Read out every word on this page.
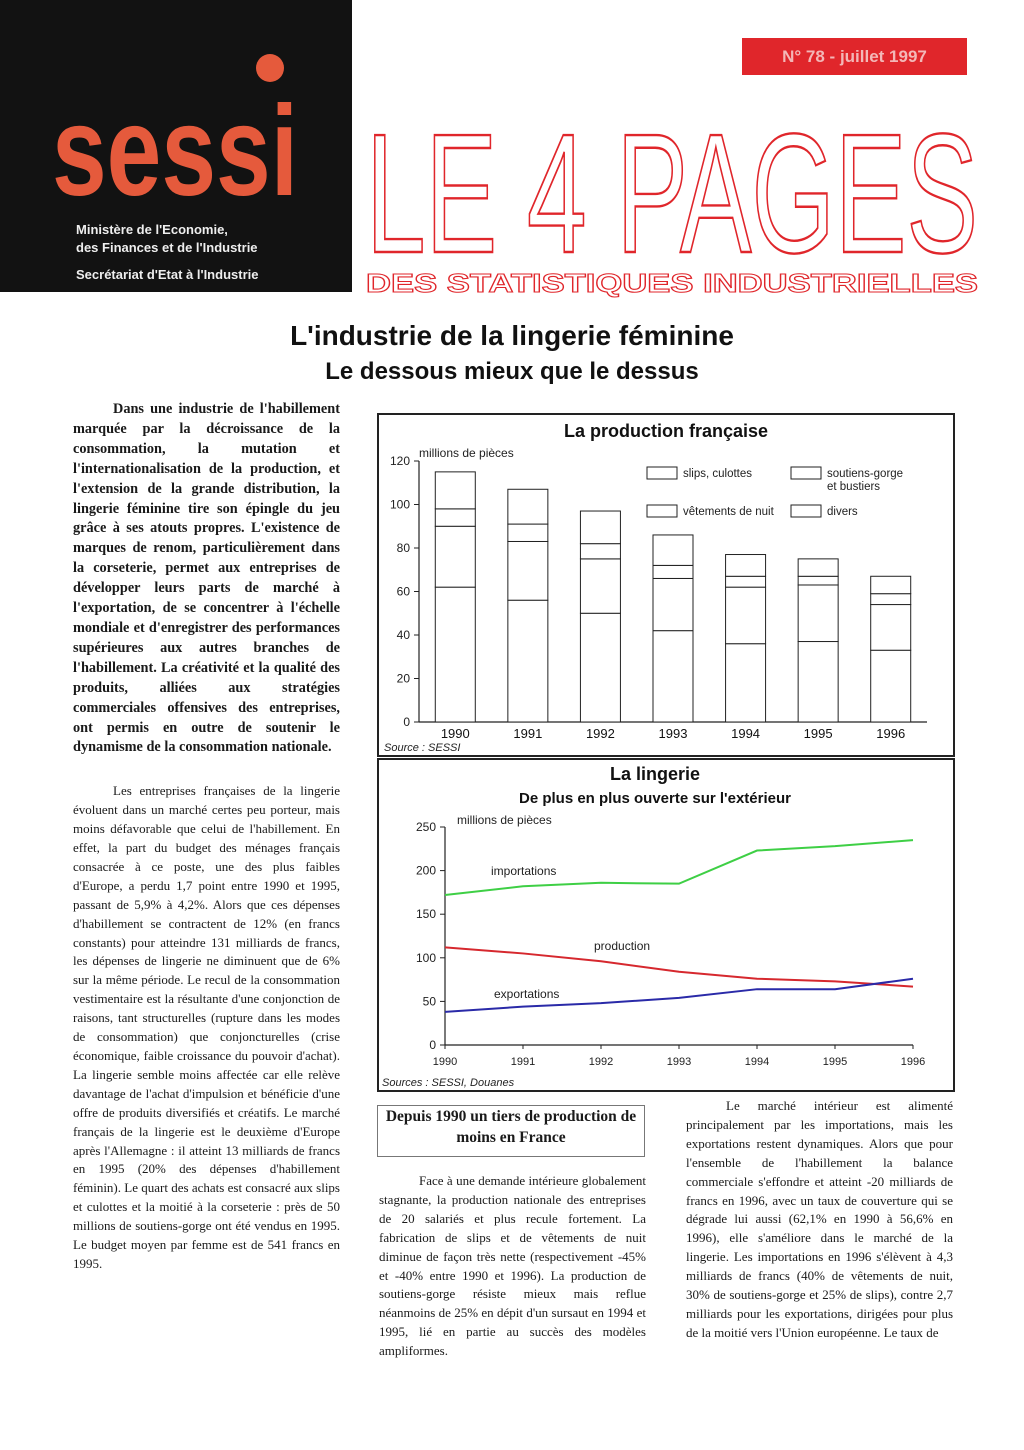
sessi
Ministère de l'Economie,
des Finances et de l'Industrie
Secrétariat d'Etat à l'Industrie
N° 78 - juillet 1997
LE 4 PAGES
DES STATISTIQUES INDUSTRIELLES
L'industrie de la lingerie féminine
Le dessous mieux que le dessus

Dans une industrie de l'habillement marquée par la décroissance de la consommation, la mutation et l'internationalisation de la production, et l'extension de la grande distribution, la lingerie féminine tire son épingle du jeu grâce à ses atouts propres. L'existence de marques de renom, particulièrement dans la corseterie, permet aux entreprises de développer leurs parts de marché à l'exportation, de se concentrer à l'échelle mondiale et d'enregistrer des performances supérieures aux autres branches de l'habillement. La créativité et la qualité des produits, alliées aux stratégies commerciales offensives des entreprises, ont permis en outre de soutenir le dynamisme de la consommation nationale.

Les entreprises françaises de la lingerie évoluent dans un marché certes peu porteur, mais moins défavorable que celui de l'habillement. En effet, la part du budget des ménages français consacrée à ce poste, une des plus faibles d'Europe, a perdu 1,7 point entre 1990 et 1995, passant de 5,9% à 4,2%. Alors que ces dépenses d'habillement se contractent de 12% (en francs constants) pour atteindre 131 milliards de francs, les dépenses de lingerie ne diminuent que de 6% sur la même période. Le recul de la consommation vestimentaire est la résultante d'une conjonction de raisons, tant structurelles (rupture dans les modes de consommation) que conjoncturelles (crise économique, faible croissance du pouvoir d'achat). La lingerie semble moins affectée car elle relève davantage de l'achat d'impulsion et bénéficie d'une offre de produits diversifiés et créatifs. Le marché français de la lingerie est le deuxième d'Europe après l'Allemagne : il atteint 13 milliards de francs en 1995 (20% des dépenses d'habillement féminin). Le quart des achats est consacré aux slips et culottes et la moitié à la corseterie : près de 50 millions de soutiens-gorge ont été vendus en 1995. Le budget moyen par femme est de 541 francs en 1995.

La production française
millions de pièces
0
20
40
60
80
100
120
1990	1991	1992	1993	1994	1995	1996
slips, culottes	soutiens-gorge et bustiers
vêtements de nuit	divers
Source : SESSI
La lingerie
De plus en plus ouverte sur l'extérieur
millions de pièces
0
50
100
150
200
250
1990	1991	1992	1993	1994	1995	1996
importations
production
exportations
Sources : SESSI, Douanes
Depuis 1990 un tiers de production de moins en France

Face à une demande intérieure globalement stagnante, la production nationale des entreprises de 20 salariés et plus recule fortement. La fabrication de slips et de vêtements de nuit diminue de façon très nette (respectivement -45% et -40% entre 1990 et 1996). La production de soutiens-gorge résiste mieux mais reflue néanmoins de 25% en dépit d'un sursaut en 1994 et 1995, lié en partie au succès des modèles ampliformes.

Le marché intérieur est alimenté principalement par les importations, mais les exportations restent dynamiques. Alors que pour l'ensemble de l'habillement la balance commerciale s'effondre et atteint -20 milliards de francs en 1996, avec un taux de couverture qui se dégrade lui aussi (62,1% en 1990 à 56,6% en 1996), elle s'améliore dans le marché de la lingerie. Les importations en 1996 s'élèvent à 4,3 milliards de francs (40% de vêtements de nuit, 30% de soutiens-gorge et 25% de slips), contre 2,7 milliards pour les exportations, dirigées pour plus de la moitié vers l'Union européenne. Le taux de
